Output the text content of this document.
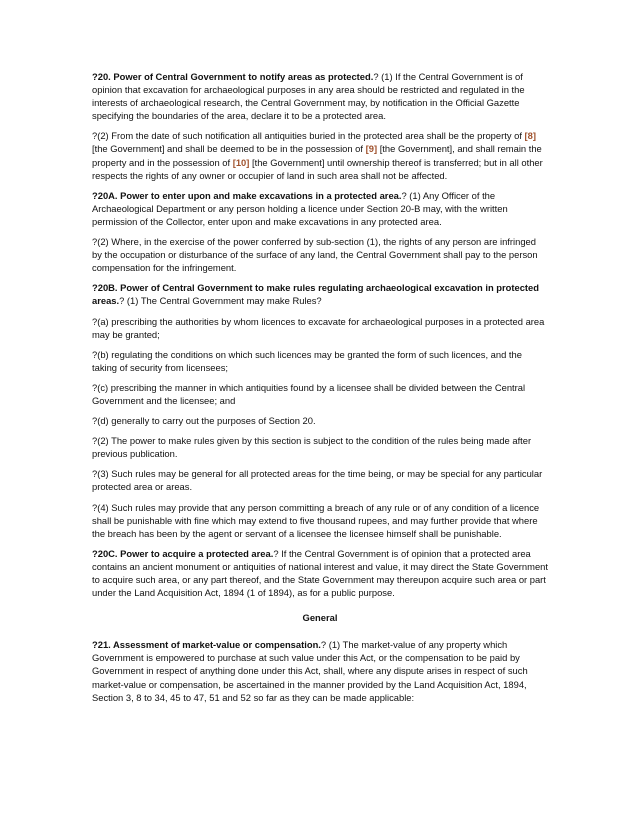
?20. Power of Central Government to notify areas as protected.? (1) If the Central Government is of opinion that excavation for archaeological purposes in any area should be restricted and regulated in the interests of archaeological research, the Central Government may, by notification in the Official Gazette specifying the boundaries of the area, declare it to be a protected area.

?(2) From the date of such notification all antiquities buried in the protected area shall be the property of [8] [the Government] and shall be deemed to be in the possession of [9] [the Government], and shall remain the property and in the possession of [10] [the Government] until ownership thereof is transferred; but in all other respects the rights of any owner or occupier of land in such area shall not be affected.

?20A. Power to enter upon and make excavations in a protected area.? (1) Any Officer of the Archaeological Department or any person holding a licence under Section 20-B may, with the written permission of the Collector, enter upon and make excavations in any protected area.

?(2) Where, in the exercise of the power conferred by sub-section (1), the rights of any person are infringed by the occupation or disturbance of the surface of any land, the Central Government shall pay to the person compensation for the infringement.

?20B. Power of Central Government to make rules regulating archaeological excavation in protected areas.? (1) The Central Government may make Rules?

?(a) prescribing the authorities by whom licences to excavate for archaeological purposes in a protected area may be granted;

?(b) regulating the conditions on which such licences may be granted the form of such licences, and the taking of security from licensees;

?(c) prescribing the manner in which antiquities found by a licensee shall be divided between the Central Government and the licensee; and

?(d) generally to carry out the purposes of Section 20.

?(2) The power to make rules given by this section is subject to the condition of the rules being made after previous publication.

?(3) Such rules may be general for all protected areas for the time being, or may be special for any particular protected area or areas.

?(4) Such rules may provide that any person committing a breach of any rule or of any condition of a licence shall be punishable with fine which may extend to five thousand rupees, and may further provide that where the breach has been by the agent or servant of a licensee the licensee himself shall be punishable.

?20C. Power to acquire a protected area.? If the Central Government is of opinion that a protected area contains an ancient monument or antiquities of national interest and value, it may direct the State Government to acquire such area, or any part thereof, and the State Government may thereupon acquire such area or part under the Land Acquisition Act, 1894 (1 of 1894), as for a public purpose.

General

?21. Assessment of market-value or compensation.? (1) The market-value of any property which Government is empowered to purchase at such value under this Act, or the compensation to be paid by Government in respect of anything done under this Act, shall, where any dispute arises in respect of such market-value or compensation, be ascertained in the manner provided by the Land Acquisition Act, 1894, Section 3, 8 to 34, 45 to 47, 51 and 52 so far as they can be made applicable:
